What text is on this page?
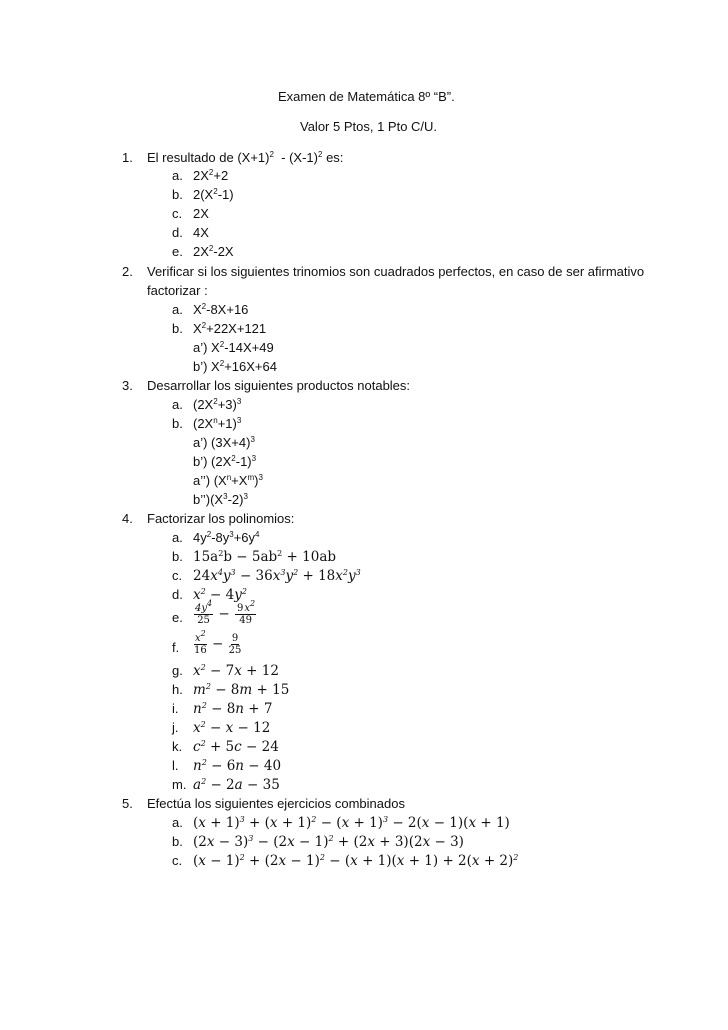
Examen de Matemática 8º “B”.
Valor 5 Ptos, 1 Pto C/U.
1. El resultado de $(X+1)^2 - (X-1)^2$ es:
a. $2X^2+2$
b. $2(X^2-1)$
c. 2X
d. 4X
e. $2X^2-2X$
2. Verificar si los siguientes trinomios son cuadrados perfectos, en caso de ser afirmativo
factorizar :
a. $X^2-8X+16$
b. $X^2+22X+121$
a’) $X^2-14X+49$
b’) $X^2+16X+64$
3. Desarrollar los siguientes productos notables:
a. $(2X^2+3)^3$
b. $(2X^n+1)^3$
a’) $(3X+4)^3$
b’) $(2X^2-1)^3$
a’’) $(X^n+X^m)^3$
$b’’)(X^3-2)^3$
4. Factorizar los polinomios:
a. $4y^2-8y^3+6y^4$
b. $15a^2b - 5ab^2 + 10ab$
c. $24x^4y^3 - 36x^3y^2 + 18x^2y^3$
d. $x^2 - 4y^2$
e. $\frac{4y^4}{25} - \frac{9x^2}{49}$
f. $\frac{x^2}{16} - \frac{9}{25}$
g. $x^2 - 7x + 12$
h. $m^2 - 8m + 15$
i. $n^2 - 8n + 7$
j. $x^2 - x - 12$
k. $c^2 + 5c - 24$
l. $n^2 - 6n - 40$
m. $a^2 - 2a - 35$
5. Efectúa los siguientes ejercicios combinados
a. $(x + 1)^3 + (x + 1)^2 - (x + 1)^3 - 2(x - 1)(x + 1)$
b. $(2x - 3)^3 - (2x - 1)^2 + (2x + 3)(2x - 3)$
c. $(x - 1)^2 + (2x - 1)^2 - (x + 1)(x + 1) + 2(x + 2)^2$
